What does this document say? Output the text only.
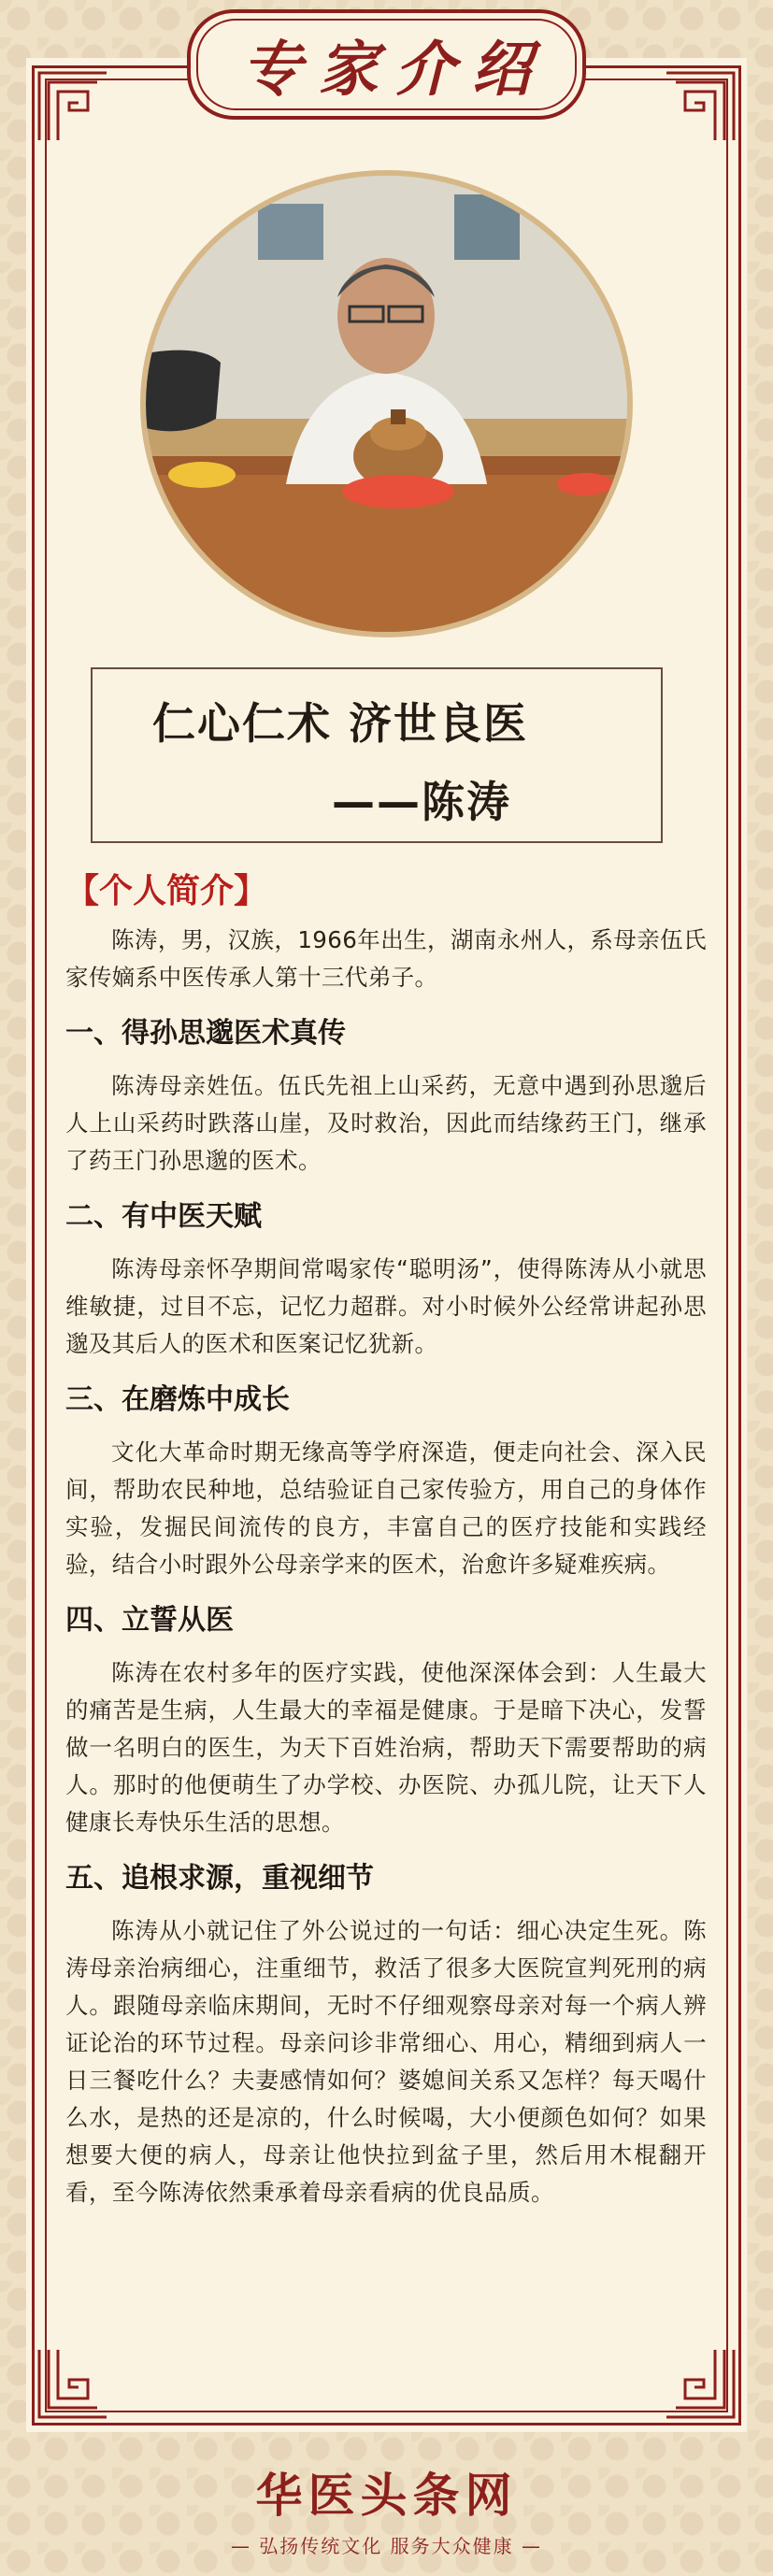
专家介绍
仁心仁术 济世良医
——陈涛
【个人简介】

陈涛，男，汉族，1966年出生，湖南永州人，系母亲伍氏家传嫡系中医传承人第十三代弟子。

一、得孙思邈医术真传

陈涛母亲姓伍。伍氏先祖上山采药，无意中遇到孙思邈后人上山采药时跌落山崖，及时救治，因此而结缘药王门，继承了药王门孙思邈的医术。

二、有中医天赋

陈涛母亲怀孕期间常喝家传“聪明汤”，使得陈涛从小就思维敏捷，过目不忘，记忆力超群。对小时候外公经常讲起孙思邈及其后人的医术和医案记忆犹新。

三、在磨炼中成长

文化大革命时期无缘高等学府深造，便走向社会、深入民间，帮助农民种地，总结验证自己家传验方，用自己的身体作实验，发掘民间流传的良方，丰富自己的医疗技能和实践经验，结合小时跟外公母亲学来的医术，治愈许多疑难疾病。

四、立誓从医

陈涛在农村多年的医疗实践，使他深深体会到：人生最大的痛苦是生病，人生最大的幸福是健康。于是暗下决心，发誓做一名明白的医生，为天下百姓治病，帮助天下需要帮助的病人。那时的他便萌生了办学校、办医院、办孤儿院，让天下人健康长寿快乐生活的思想。

五、追根求源，重视细节

陈涛从小就记住了外公说过的一句话：细心决定生死。陈涛母亲治病细心，注重细节，救活了很多大医院宣判死刑的病人。跟随母亲临床期间，无时不仔细观察母亲对每一个病人辨证论治的环节过程。母亲问诊非常细心、用心，精细到病人一日三餐吃什么？夫妻感情如何？婆媳间关系又怎样？每天喝什么水，是热的还是凉的，什么时候喝，大小便颜色如何？如果想要大便的病人，母亲让他快拉到盆子里，然后用木棍翻开看，至今陈涛依然秉承着母亲看病的优良品质。

华医头条网
— 弘扬传统文化 服务大众健康 —
